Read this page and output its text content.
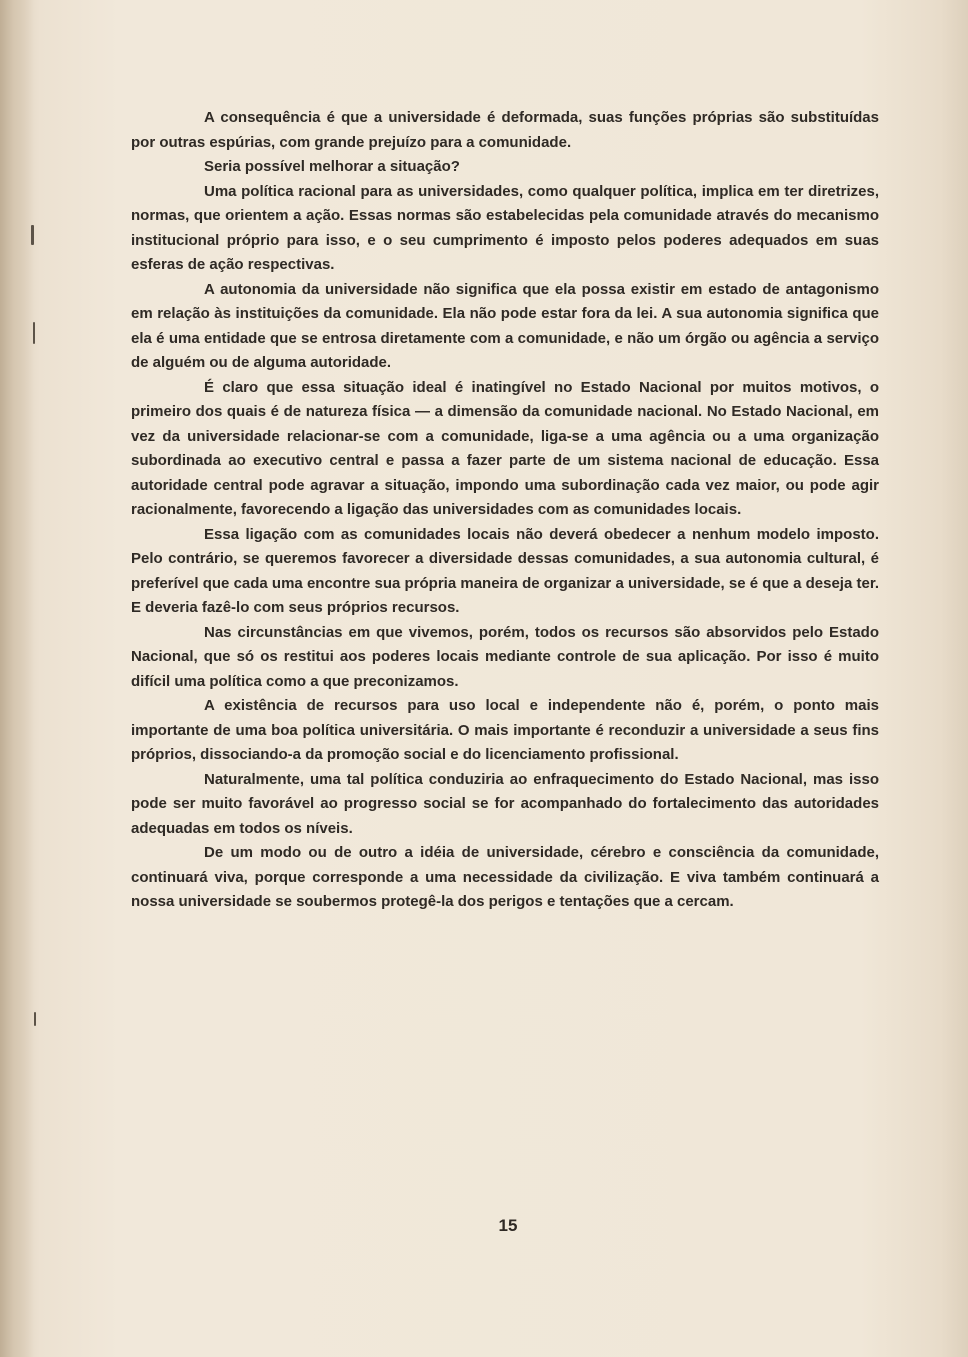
A consequência é que a universidade é deformada, suas funções próprias são substituídas por outras espúrias, com grande prejuízo para a comunidade.

Seria possível melhorar a situação?

Uma política racional para as universidades, como qualquer política, implica em ter diretrizes, normas, que orientem a ação. Essas normas são estabelecidas pela comunidade através do mecanismo institucional próprio para isso, e o seu cumprimento é imposto pelos poderes adequados em suas esferas de ação respectivas.

A autonomia da universidade não significa que ela possa existir em estado de antagonismo em relação às instituições da comunidade. Ela não pode estar fora da lei. A sua autonomia significa que ela é uma entidade que se entrosa diretamente com a comunidade, e não um órgão ou agência a serviço de alguém ou de alguma autoridade.

É claro que essa situação ideal é inatingível no Estado Nacional por muitos motivos, o primeiro dos quais é de natureza física — a dimensão da comunidade nacional. No Estado Nacional, em vez da universidade relacionar-se com a comunidade, liga-se a uma agência ou a uma organização subordinada ao executivo central e passa a fazer parte de um sistema nacional de educação. Essa autoridade central pode agravar a situação, impondo uma subordinação cada vez maior, ou pode agir racionalmente, favorecendo a ligação das universidades com as comunidades locais.

Essa ligação com as comunidades locais não deverá obedecer a nenhum modelo imposto. Pelo contrário, se queremos favorecer a diversidade dessas comunidades, a sua autonomia cultural, é preferível que cada uma encontre sua própria maneira de organizar a universidade, se é que a deseja ter. E deveria fazê-lo com seus próprios recursos.

Nas circunstâncias em que vivemos, porém, todos os recursos são absorvidos pelo Estado Nacional, que só os restitui aos poderes locais mediante controle de sua aplicação. Por isso é muito difícil uma política como a que preconizamos.

A existência de recursos para uso local e independente não é, porém, o ponto mais importante de uma boa política universitária. O mais importante é reconduzir a universidade a seus fins próprios, dissociando-a da promoção social e do licenciamento profissional.

Naturalmente, uma tal política conduziria ao enfraquecimento do Estado Nacional, mas isso pode ser muito favorável ao progresso social se for acompanhado do fortalecimento das autoridades adequadas em todos os níveis.

De um modo ou de outro a idéia de universidade, cérebro e consciência da comunidade, continuará viva, porque corresponde a uma necessidade da civilização. E viva também continuará a nossa universidade se soubermos protegê-la dos perigos e tentações que a cercam.

15
